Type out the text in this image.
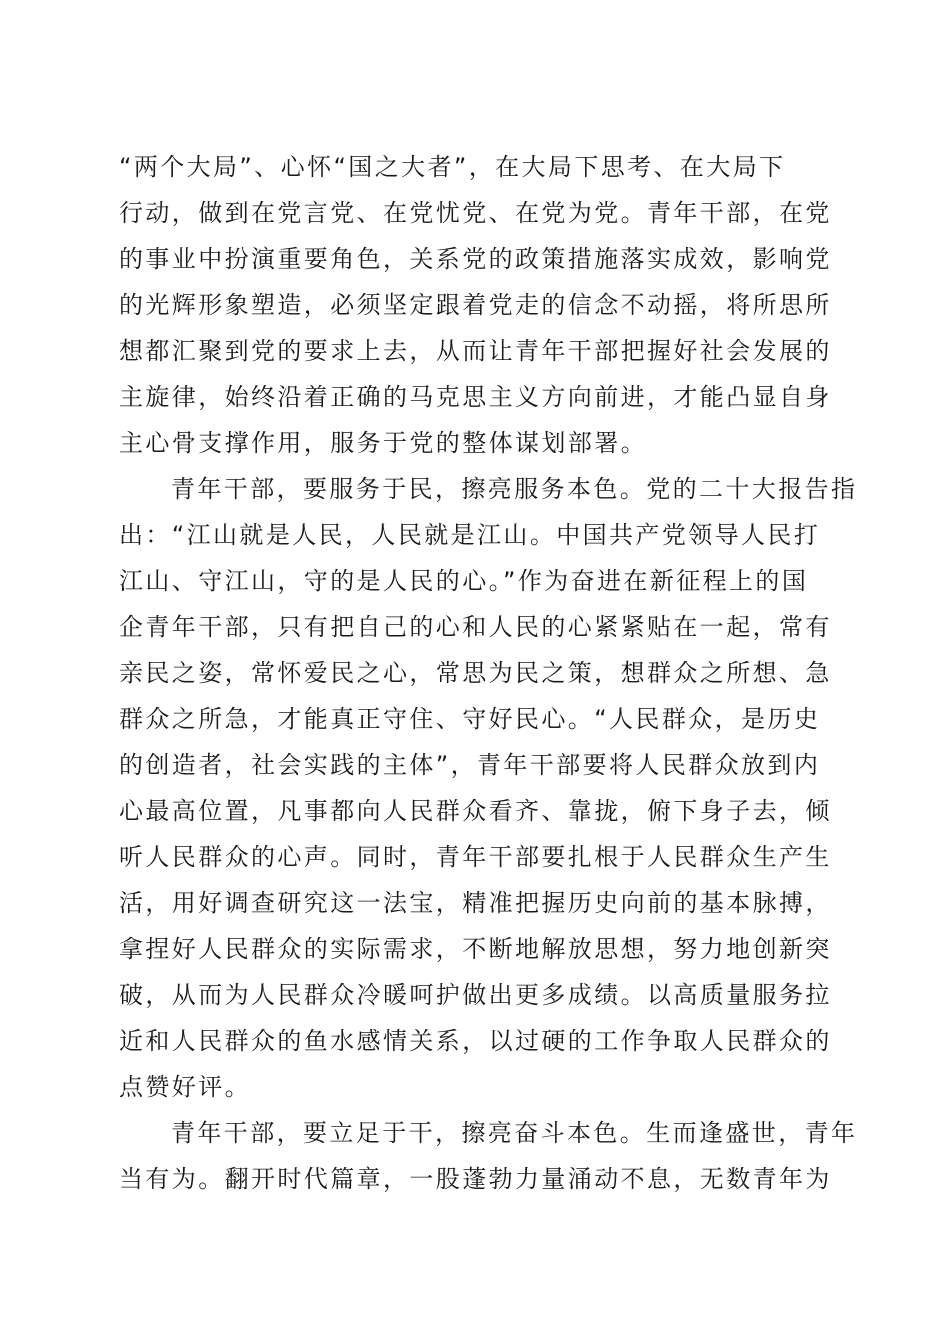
“两个大局”、心怀“国之大者”，在大局下思考、在大局下
行动，做到在党言党、在党忧党、在党为党。青年干部，在党
的事业中扮演重要角色，关系党的政策措施落实成效，影响党
的光辉形象塑造，必须坚定跟着党走的信念不动摇，将所思所
想都汇聚到党的要求上去，从而让青年干部把握好社会发展的
主旋律，始终沿着正确的马克思主义方向前进，才能凸显自身
主心骨支撑作用，服务于党的整体谋划部署。
青年干部，要服务于民，擦亮服务本色。党的二十大报告指
出：“江山就是人民，人民就是江山。中国共产党领导人民打
江山、守江山，守的是人民的心。”作为奋进在新征程上的国
企青年干部，只有把自己的心和人民的心紧紧贴在一起，常有
亲民之姿，常怀爱民之心，常思为民之策，想群众之所想、急
群众之所急，才能真正守住、守好民心。“人民群众，是历史
的创造者，社会实践的主体”，青年干部要将人民群众放到内
心最高位置，凡事都向人民群众看齐、靠拢，俯下身子去，倾
听人民群众的心声。同时，青年干部要扎根于人民群众生产生
活，用好调查研究这一法宝，精准把握历史向前的基本脉搏，
拿捏好人民群众的实际需求，不断地解放思想，努力地创新突
破，从而为人民群众冷暖呵护做出更多成绩。以高质量服务拉
近和人民群众的鱼水感情关系，以过硬的工作争取人民群众的
点赞好评。
青年干部，要立足于干，擦亮奋斗本色。生而逢盛世，青年
当有为。翻开时代篇章，一股蓬勃力量涌动不息，无数青年为
